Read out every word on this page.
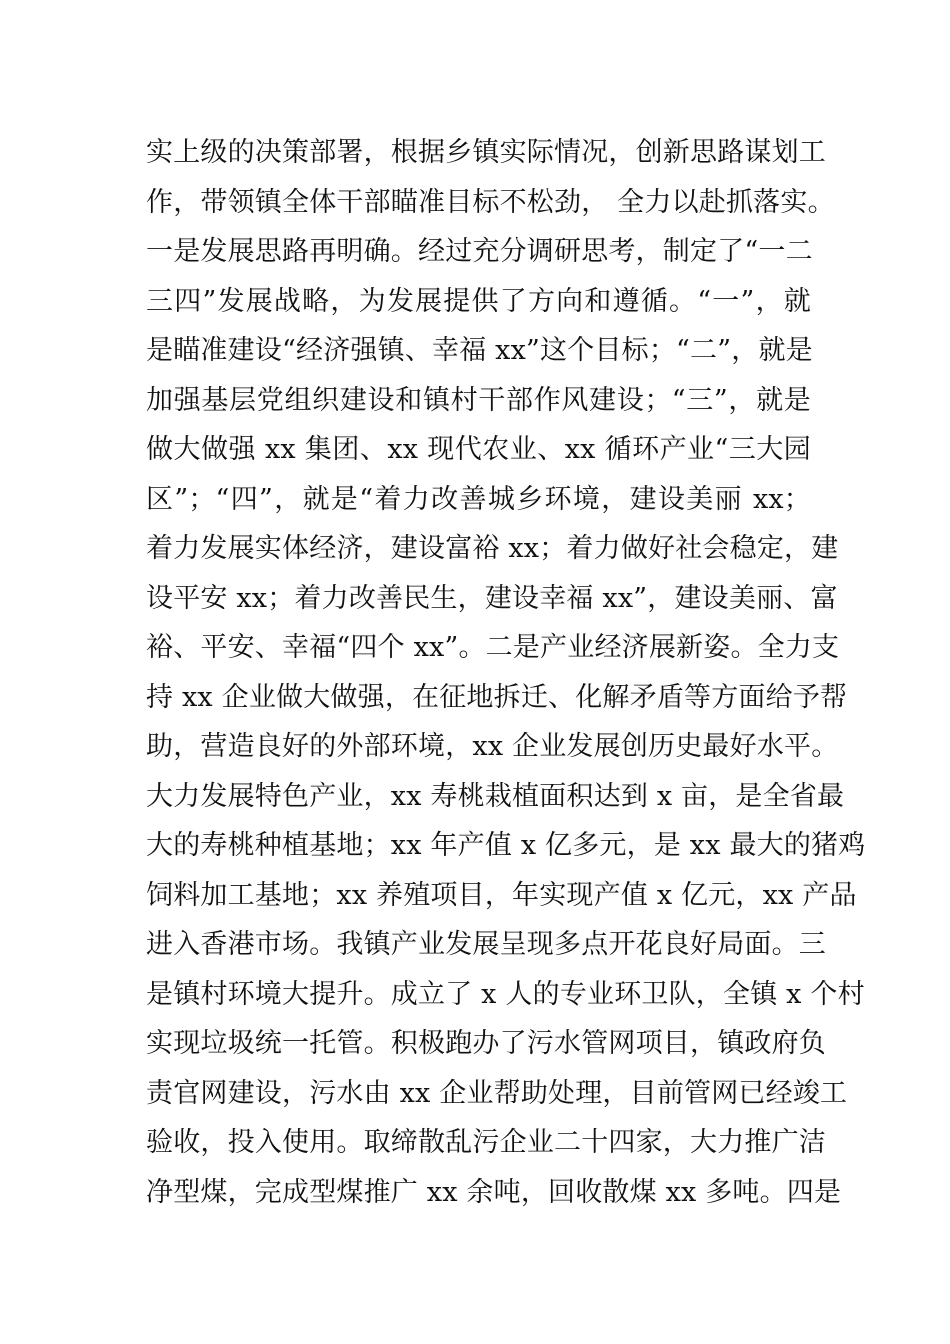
实上级的决策部署，根据乡镇实际情况，创新思路谋划工
作，带领镇全体干部瞄准目标不松劲， 全力以赴抓落实。
一是发展思路再明确。经过充分调研思考，制定了“一二
三四”发展战略，为发展提供了方向和遵循。“一”，就
是瞄准建设“经济强镇、幸福 xx”这个目标；“二”，就是
加强基层党组织建设和镇村干部作风建设；“三”，就是
做大做强 xx 集团、xx 现代农业、xx 循环产业“三大园
区”；“四”，就是“着力改善城乡环境，建设美丽 xx；
着力发展实体经济，建设富裕 xx；着力做好社会稳定，建
设平安 xx；着力改善民生，建设幸福 xx”，建设美丽、富
裕、平安、幸福“四个 xx”。二是产业经济展新姿。全力支
持 xx 企业做大做强，在征地拆迁、化解矛盾等方面给予帮
助，营造良好的外部环境，xx 企业发展创历史最好水平。
大力发展特色产业，xx 寿桃栽植面积达到 x 亩，是全省最
大的寿桃种植基地；xx 年产值 x 亿多元，是 xx 最大的猪鸡
饲料加工基地；xx 养殖项目，年实现产值 x 亿元，xx 产品
进入香港市场。我镇产业发展呈现多点开花良好局面。三
是镇村环境大提升。成立了 x 人的专业环卫队，全镇 x 个村
实现垃圾统一托管。积极跑办了污水管网项目，镇政府负
责官网建设，污水由 xx 企业帮助处理，目前管网已经竣工
验收，投入使用。取缔散乱污企业二十四家，大力推广洁
净型煤，完成型煤推广 xx 余吨，回收散煤 xx 多吨。四是
